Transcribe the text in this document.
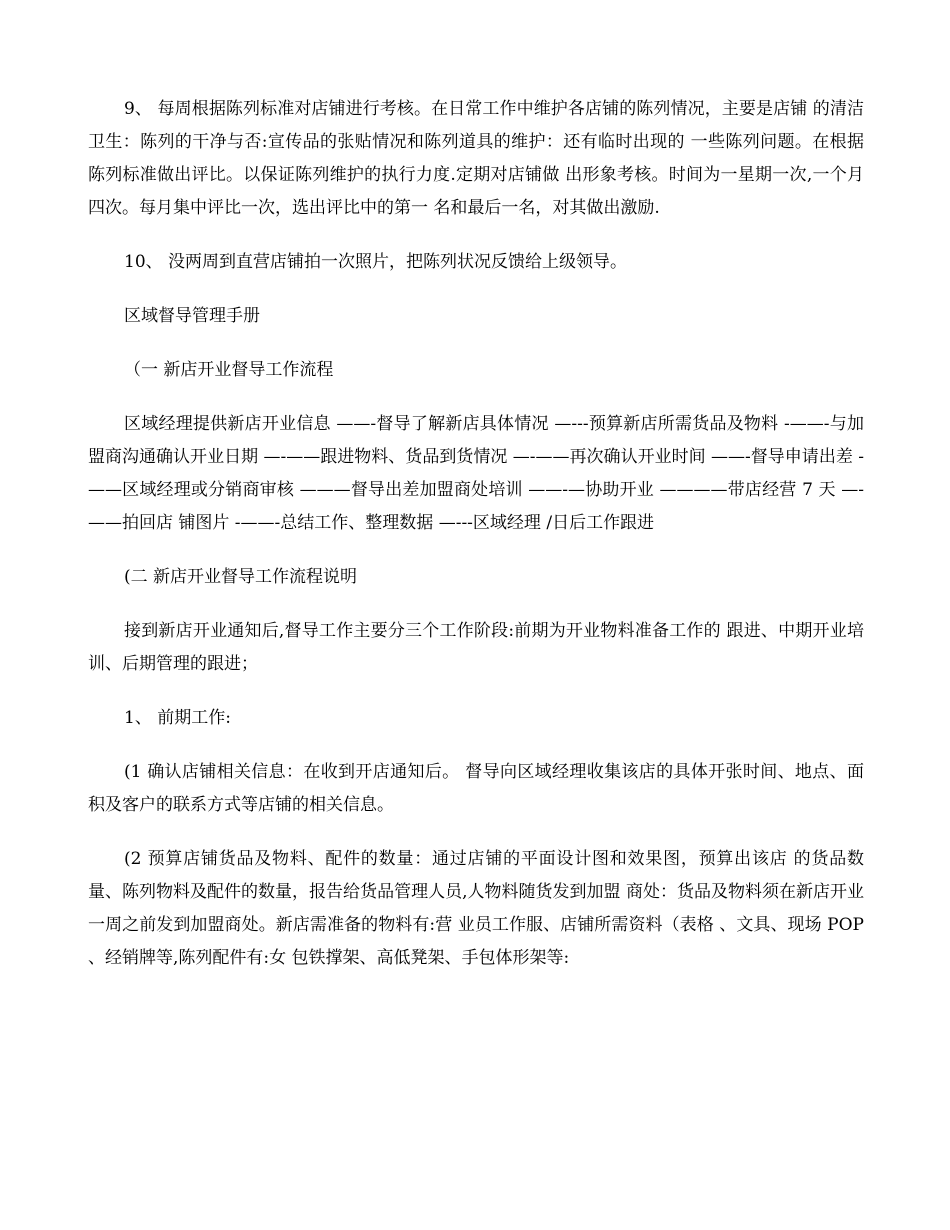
9、 每周根据陈列标准对店铺进行考核。在日常工作中维护各店铺的陈列情况，主要是店铺 的清洁卫生：陈列的干净与否:宣传品的张贴情况和陈列道具的维护：还有临时出现的 一些陈列问题。在根据陈列标准做出评比。以保证陈列维护的执行力度.定期对店铺做 出形象考核。时间为一星期一次,一个月四次。每月集中评比一次，选出评比中的第一 名和最后一名，对其做出激励.

10、 没两周到直营店铺拍一次照片，把陈列状况反馈给上级领导。

区域督导管理手册

（一 新店开业督导工作流程

区域经理提供新店开业信息 ——-督导了解新店具体情况 —---预算新店所需货品及物料 -——-与加 盟商沟通确认开业日期 —-——跟进物料、货品到货情况 —-——再次确认开业时间 ——-督导申请出差 -——区域经理或分销商审核 ———督导出差加盟商处培训 ——-—协助开业 ————带店经营 7 天 —-——拍回店 铺图片 -——-总结工作、整理数据 —---区域经理 /日后工作跟进

(二 新店开业督导工作流程说明

接到新店开业通知后,督导工作主要分三个工作阶段:前期为开业物料准备工作的 跟进、中期开业培训、后期管理的跟进；

1、 前期工作:

(1 确认店铺相关信息：在收到开店通知后。 督导向区域经理收集该店的具体开张时间、地点、面积及客户的联系方式等店铺的相关信息。

(2 预算店铺货品及物料、配件的数量：通过店铺的平面设计图和效果图，预算出该店 的货品数量、陈列物料及配件的数量，报告给货品管理人员,人物料随货发到加盟 商处：货品及物料须在新店开业一周之前发到加盟商处。新店需准备的物料有:营 业员工作服、店铺所需资料（表格 、文具、现场 POP 、经销牌等,陈列配件有:女 包铁撑架、高低凳架、手包体形架等:
